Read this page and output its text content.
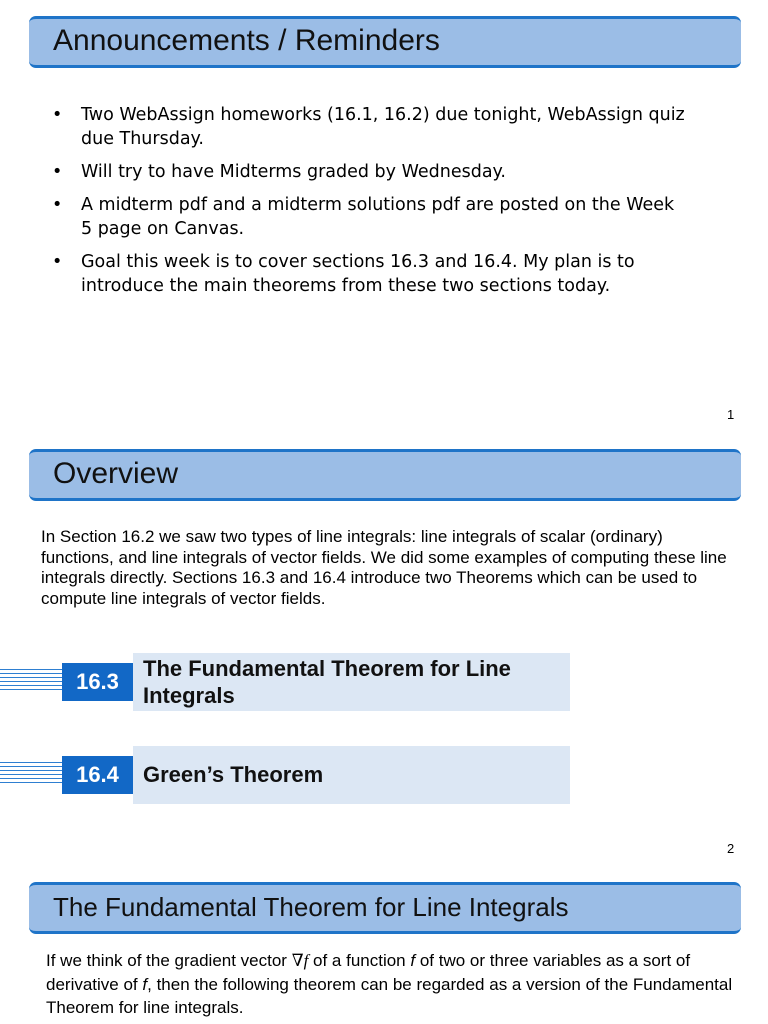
Announcements / Reminders
• Two WebAssign homeworks (16.1, 16.2) due tonight, WebAssign quiz due Thursday.
• Will try to have Midterms graded by Wednesday.
• A midterm pdf and a midterm solutions pdf are posted on the Week 5 page on Canvas.
• Goal this week is to cover sections 16.3 and 16.4. My plan is to introduce the main theorems from these two sections today.
1
Overview
In Section 16.2 we saw two types of line integrals: line integrals of scalar (ordinary) functions, and line integrals of vector fields. We did some examples of computing these line integrals directly. Sections 16.3 and 16.4 introduce two Theorems which can be used to compute line integrals of vector fields.
16.3
The Fundamental Theorem for Line Integrals
16.4	Green’s Theorem
2
The Fundamental Theorem for Line Integrals
If we think of the gradient vector ∇f of a function f of two or three variables as a sort of derivative of f, then the following theorem can be regarded as a version of the Fundamental Theorem for line integrals.
